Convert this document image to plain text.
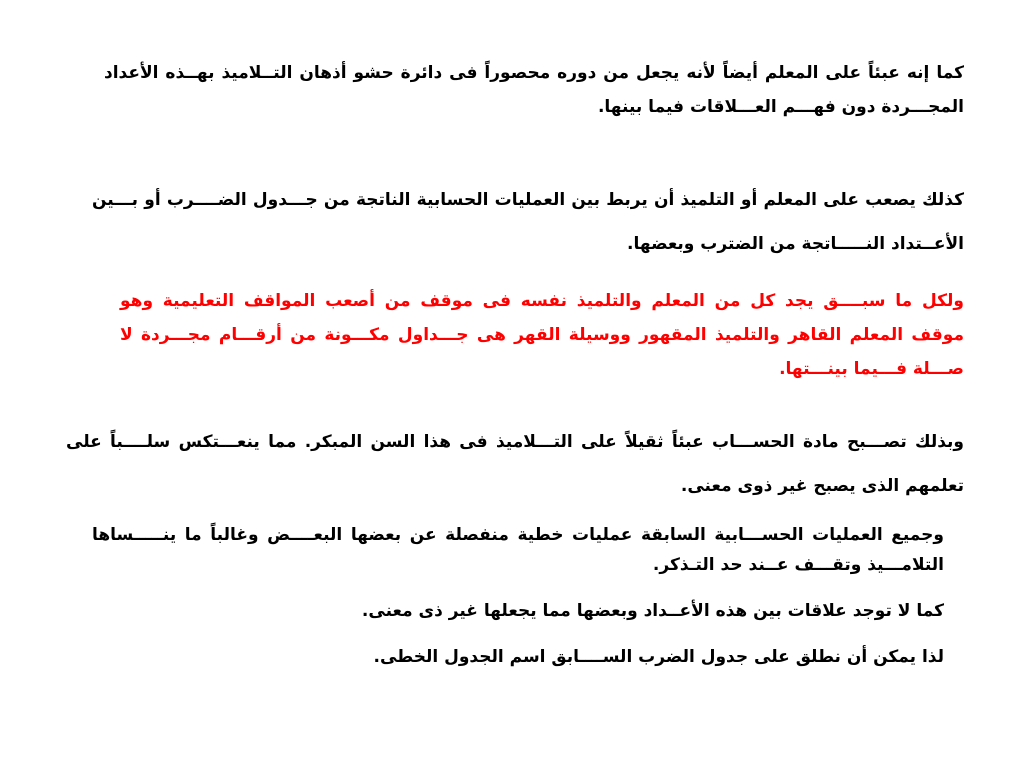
كما إنه عبئاً على المعلم أيضاً لأنه يجعل من دوره محصوراً فى دائرة حشو أذهان التــلاميذ بهــذه الأعداد المجـــردة دون فهـــم العـــلاقات فيما بينها.

كذلك يصعب على المعلم أو التلميذ أن يربط بين العمليات الحسابية الناتجة من جـــدول الضــــرب أو بـــين الأعــتداد النـــــاتجة من الضترب وبعضها.

ولكل ما سبــــق يجد كل من المعلم والتلميذ نفسه فى موقف من أصعب المواقف التعليمية وهو موقف المعلم القاهر والتلميذ المقهور ووسيلة القهر هى جـــداول مكـــونة من أرقـــام مجـــردة لا صـــلة فـــيما بينـــتها.

وبذلك تصـــبح مادة الحســـاب عبئاً ثقيلاً على التـــلاميذ فى هذا السن المبكر. مما ينعـــتكس سلــــباً على تعلمهم الذى يصبح غير ذوى معنى.

وجميع العمليات الحســـابية السابقة عمليات خطية منفصلة عن بعضها البعــــض وغالباً ما ينـــــساها التلامـــيذ وتقـــف عــند حد التـذكر.

كما لا توجد علاقات بين هذه الأعــداد وبعضها مما يجعلها غير ذى معنى.

لذا يمكن أن نطلق على جدول الضرب الســــابق اسم الجدول الخطى.
